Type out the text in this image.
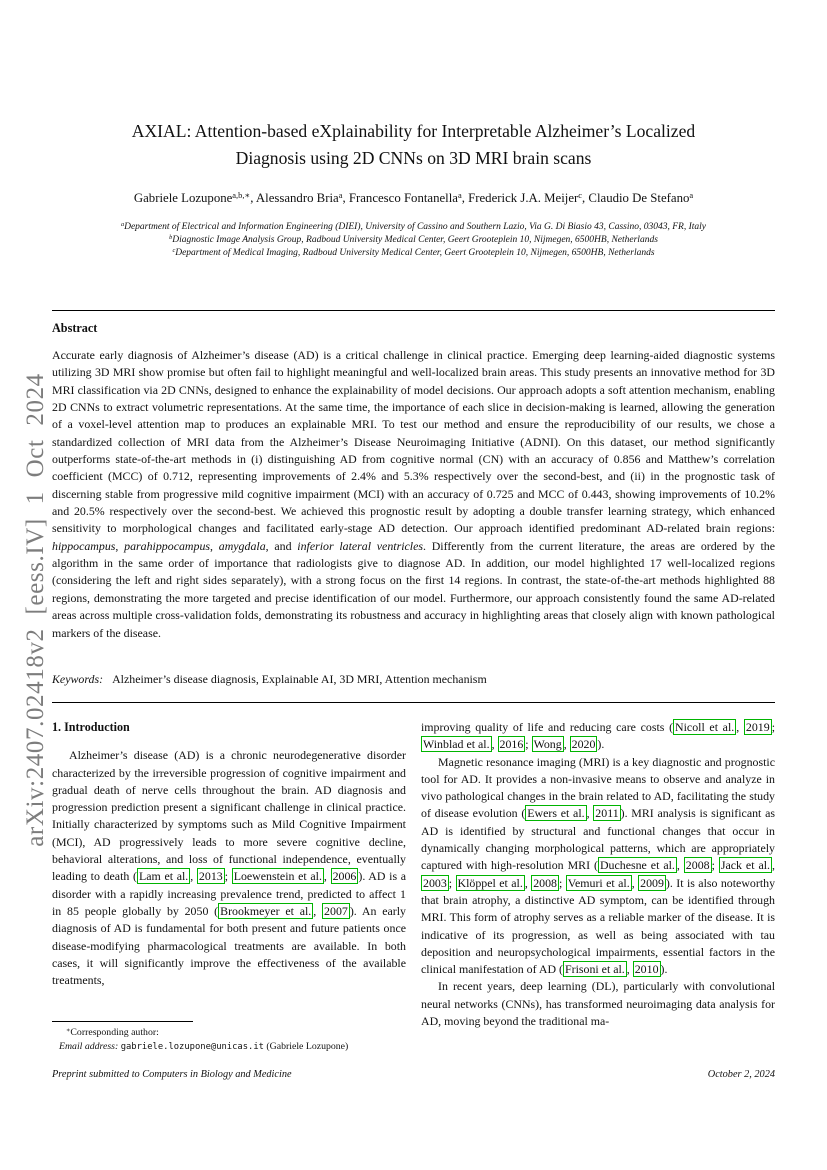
arXiv:2407.02418v2 [eess.IV] 1 Oct 2024
AXIAL: Attention-based eXplainability for Interpretable Alzheimer’s Localized
Diagnosis using 2D CNNs on 3D MRI brain scans
Gabriele Lozupone$^{a,b,∗}$, Alessandro Bria$^a$, Francesco Fontanella$^a$, Frederick J.A. Meijer$^c$, Claudio De Stefano$^a$
$^a$Department of Electrical and Information Engineering (DIEI), University of Cassino and Southern Lazio, Via G. Di Biasio 43, Cassino, 03043, FR, Italy
$^b$Diagnostic Image Analysis Group, Radboud University Medical Center, Geert Grooteplein 10, Nijmegen, 6500HB, Netherlands
$^c$Department of Medical Imaging, Radboud University Medical Center, Geert Grooteplein 10, Nijmegen, 6500HB, Netherlands
Abstract
Accurate early diagnosis of Alzheimer’s disease (AD) is a critical challenge in clinical practice. Emerging deep learning-aided diagnostic systems utilizing 3D MRI show promise but often fail to highlight meaningful and well-localized brain areas. This study presents an innovative method for 3D MRI classification via 2D CNNs, designed to enhance the explainability of model decisions. Our approach adopts a soft attention mechanism, enabling 2D CNNs to extract volumetric representations. At the same time, the importance of each slice in decision-making is learned, allowing the generation of a voxel-level attention map to produces an explainable MRI. To test our method and ensure the reproducibility of our results, we chose a standardized collection of MRI data from the Alzheimer’s Disease Neuroimaging Initiative (ADNI). On this dataset, our method significantly outperforms state-of-the-art methods in (i) distinguishing AD from cognitive normal (CN) with an accuracy of 0.856 and Matthew’s correlation coefficient (MCC) of 0.712, representing improvements of 2.4% and 5.3% respectively over the second-best, and (ii) in the prognostic task of discerning stable from progressive mild cognitive impairment (MCI) with an accuracy of 0.725 and MCC of 0.443, showing improvements of 10.2% and 20.5% respectively over the second-best. We achieved this prognostic result by adopting a double transfer learning strategy, which enhanced sensitivity to morphological changes and facilitated early-stage AD detection. Our approach identified predominant AD-related brain regions: hippocampus, parahippocampus, amygdala, and inferior lateral ventricles. Differently from the current literature, the areas are ordered by the algorithm in the same order of importance that radiologists give to diagnose AD. In addition, our model highlighted 17 well-localized regions (considering the left and right sides separately), with a strong focus on the first 14 regions. In contrast, the state-of-the-art methods highlighted 88 regions, demonstrating the more targeted and precise identification of our model. Furthermore, our approach consistently found the same AD-related areas across multiple cross-validation folds, demonstrating its robustness and accuracy in highlighting areas that closely align with known pathological markers of the disease.
Keywords: Alzheimer’s disease diagnosis, Explainable AI, 3D MRI, Attention mechanism
1. Introduction

Alzheimer’s disease (AD) is a chronic neurodegenerative disorder characterized by the irreversible progression of cognitive impairment and gradual death of nerve cells throughout the brain. AD diagnosis and progression prediction present a significant challenge in clinical practice. Initially characterized by symptoms such as Mild Cognitive Impairment (MCI), AD progressively leads to more severe cognitive decline, behavioral alterations, and loss of functional independence, eventually leading to death ( Lam et al. , 2013 ; Loewenstein et al. , 2006 ). AD is a disorder with a rapidly increasing prevalence trend, predicted to affect 1 in 85 people globally by 2050 ( Brookmeyer et al. , 2007 ). An early diagnosis of AD is fundamental for both present and future patients once disease-modifying pharmacological treatments are available. In both cases, it will significantly improve the effectiveness of the available treatments,

improving quality of life and reducing care costs ( Nicoll et al. , 2019 ; Winblad et al. , 2016 ; Wong , 2020 ).

Magnetic resonance imaging (MRI) is a key diagnostic and prognostic tool for AD. It provides a non-invasive means to observe and analyze in vivo pathological changes in the brain related to AD, facilitating the study of disease evolution ( Ewers et al. , 2011 ). MRI analysis is significant as AD is identified by structural and functional changes that occur in dynamically changing morphological patterns, which are appropriately captured with high-resolution MRI ( Duchesne et al. , 2008 ; Jack et al. , 2003 ; Klöppel et al. , 2008 ; Vemuri et al. , 2009 ). It is also noteworthy that brain atrophy, a distinctive AD symptom, can be identified through MRI. This form of atrophy serves as a reliable marker of the disease. It is indicative of its progression, as well as being associated with tau deposition and neuropsychological impairments, essential factors in the clinical manifestation of AD ( Frisoni et al. , 2010 ).

In recent years, deep learning (DL), particularly with convolutional neural networks (CNNs), has transformed neuroimaging data analysis for AD, moving beyond the traditional ma-

∗Corresponding author:
Email address: gabriele.lozupone@unicas.it (Gabriele Lozupone)
Preprint submitted to Computers in Biology and Medicine	October 2, 2024
